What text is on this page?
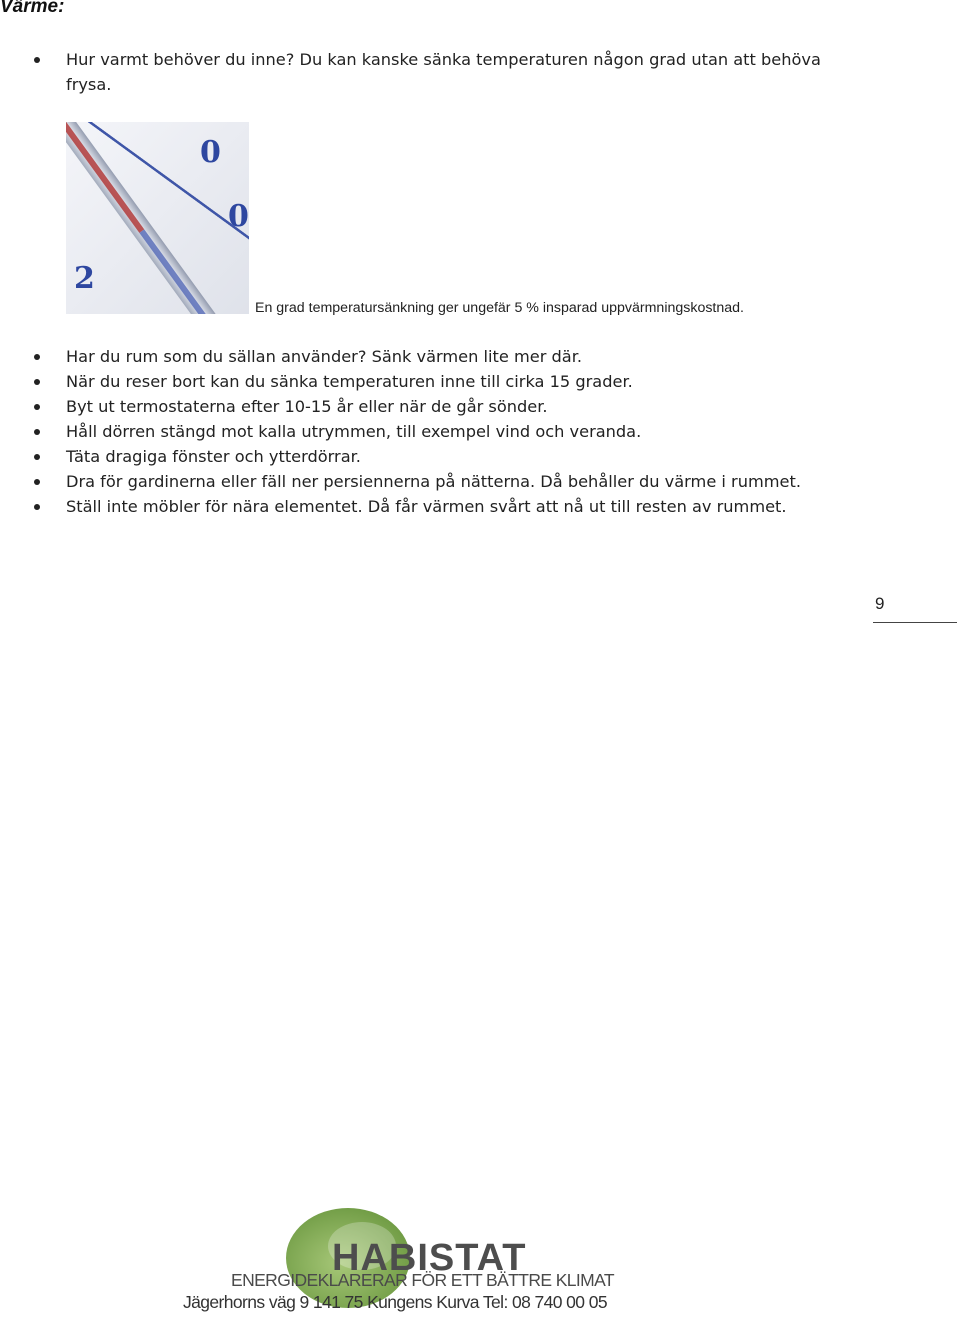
Värme:
Hur varmt behöver du inne? Du kan kanske sänka temperaturen någon grad utan att behöva frysa.
0
0
2
En grad temperatursänkning ger ungefär 5 % insparad uppvärmningskostnad.
Har du rum som du sällan använder? Sänk värmen lite mer där.
När du reser bort kan du sänka temperaturen inne till cirka 15 grader.
Byt ut termostaterna efter 10-15 år eller när de går sönder.
Håll dörren stängd mot kalla utrymmen, till exempel vind och veranda.
Täta dragiga fönster och ytterdörrar.
Dra för gardinerna eller fäll ner persiennerna på nätterna. Då behåller du värme i rummet.
Ställ inte möbler för nära elementet. Då får värmen svårt att nå ut till resten av rummet.
9
HABISTAT
ENERGIDEKLARERAR FÖR ETT BÄTTRE KLIMAT
Jägerhorns väg 9 141 75 Kungens Kurva Tel: 08 740 00 05
